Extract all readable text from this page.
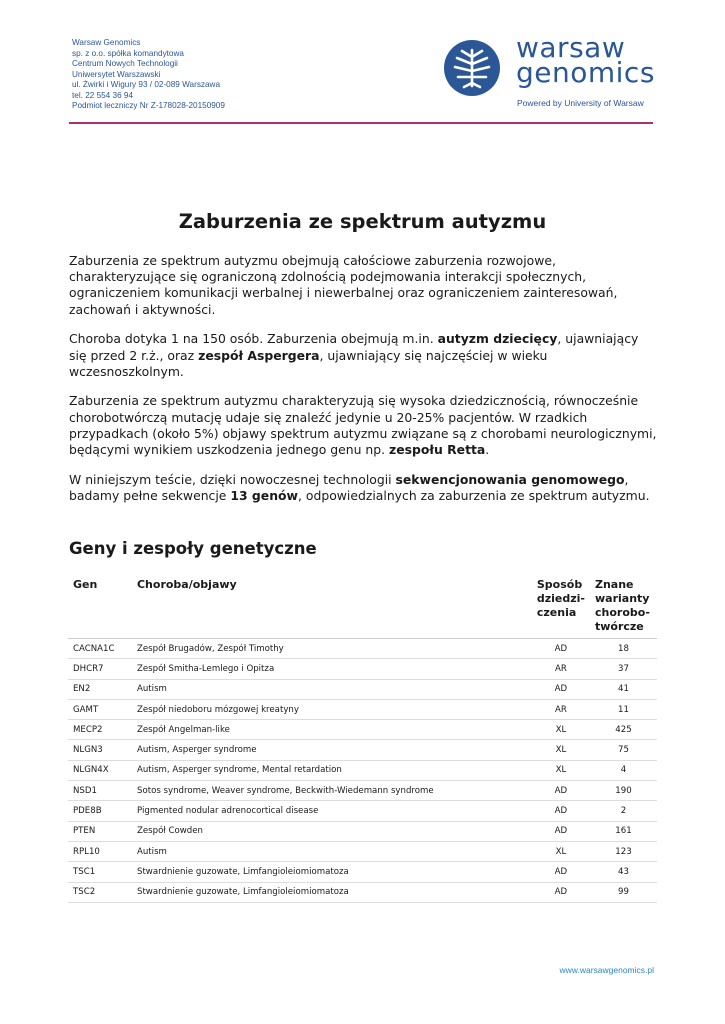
Warsaw Genomics
sp. z o.o. spółka komandytowa
Centrum Nowych Technologii
Uniwersytet Warszawski
ul. Żwirki i Wigury 93 / 02-089 Warszawa
tel. 22 554 36 94
Podmiot leczniczy Nr Z-178028-20150909
warsaw
genomics
Powered by University of Warsaw
Zaburzenia ze spektrum autyzmu

Zaburzenia ze spektrum autyzmu obejmują całościowe zaburzenia rozwojowe, charakteryzujące się ograniczoną zdolnością podejmowania interakcji społecznych, ograniczeniem komunikacji werbalnej i niewerbalnej oraz ograniczeniem zainteresowań, zachowań i aktywności.

Choroba dotyka 1 na 150 osób. Zaburzenia obejmują m.in. autyzm dziecięcy, ujawniający się przed 2 r.ż., oraz zespół Aspergera, ujawniający się najczęściej w wieku wczesnoszkolnym.

Zaburzenia ze spektrum autyzmu charakteryzują się wysoka dziedzicznością, równocześnie chorobotwórczą mutację udaje się znaleźć jedynie u 20-25% pacjentów. W rzadkich przypadkach (około 5%) objawy spektrum autyzmu związane są z chorobami neurologicznymi, będącymi wynikiem uszkodzenia jednego genu np. zespołu Retta.

W niniejszym teście, dzięki nowoczesnej technologii sekwencjonowania genomowego, badamy pełne sekwencje 13 genów, odpowiedzialnych za zaburzenia ze spektrum autyzmu.

Geny i zespoły genetyczne
Gen	Choroba/objawy	Sposób dziedziczenia	Znane warianty chorobotwórcze
CACNA1C	Zespół Brugadów, Zespół Timothy	AD	18
DHCR7	Zespół Smitha-Lemlego i Opitza	AR	37
EN2	Autism	AD	41
GAMT	Zespół niedoboru mózgowej kreatyny	AR	11
MECP2	Zespół Angelman-like	XL	425
NLGN3	Autism, Asperger syndrome	XL	75
NLGN4X	Autism, Asperger syndrome, Mental retardation	XL	4
NSD1	Sotos syndrome, Weaver syndrome, Beckwith-Wiedemann syndrome	AD	190
PDE8B	Pigmented nodular adrenocortical disease	AD	2
PTEN	Zespół Cowden	AD	161
RPL10	Autism	XL	123
TSC1	Stwardnienie guzowate, Limfangioleiomiomatoza	AD	43
TSC2	Stwardnienie guzowate, Limfangioleiomiomatoza	AD	99
www.warsawgenomics.pl
